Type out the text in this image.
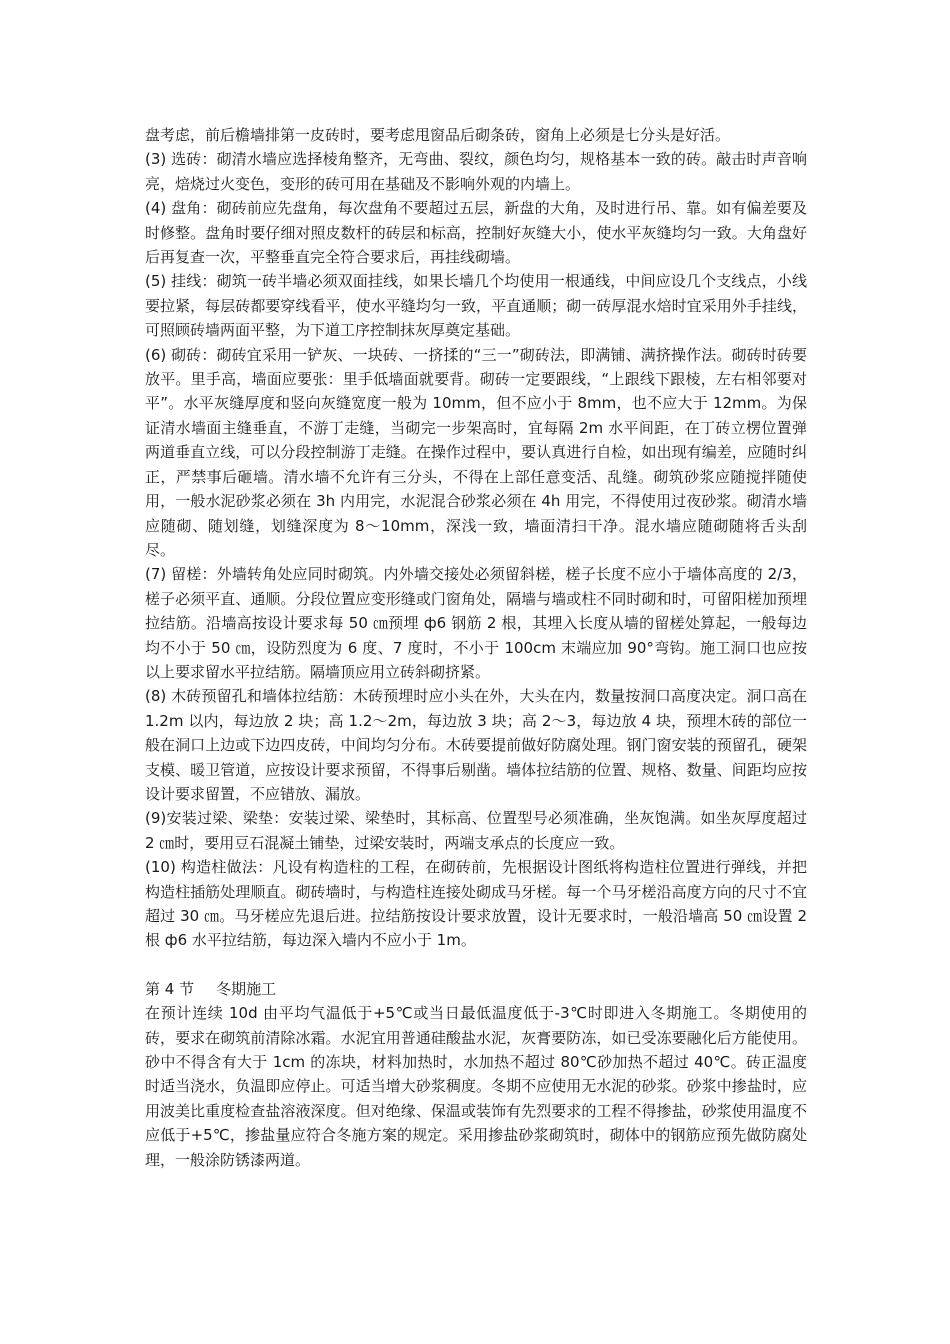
盘考虑，前后檐墙排第一皮砖时，要考虑甩窗品后砌条砖，窗角上必须是七分头是好活。

(3) 选砖：砌清水墙应选择棱角整齐，无弯曲、裂纹，颜色均匀，规格基本一致的砖。敲击时声音响亮，焙烧过火变色，变形的砖可用在基础及不影响外观的内墙上。

(4) 盘角：砌砖前应先盘角，每次盘角不要超过五层，新盘的大角，及时进行吊、靠。如有偏差要及时修整。盘角时要仔细对照皮数杆的砖层和标高，控制好灰缝大小，使水平灰缝均匀一致。大角盘好后再复查一次，平整垂直完全符合要求后，再挂线砌墙。

(5) 挂线：砌筑一砖半墙必须双面挂线，如果长墙几个均使用一根通线，中间应设几个支线点，小线要拉紧，每层砖都要穿线看平，使水平缝均匀一致，平直通顺；砌一砖厚混水焙时宜采用外手挂线，可照顾砖墙两面平整，为下道工序控制抹灰厚奠定基础。

(6) 砌砖：砌砖宜采用一铲灰、一块砖、一挤揉的“三一”砌砖法，即满铺、满挤操作法。砌砖时砖要放平。里手高，墙面应要张：里手低墙面就要背。砌砖一定要跟线，“上跟线下跟棱，左右相邻要对平”。水平灰缝厚度和竖向灰缝宽度一般为 10mm，但不应小于 8mm，也不应大于 12mm。为保证清水墙面主缝垂直，不游丁走缝，当砌完一步架高时，宜每隔 2m 水平间距，在丁砖立楞位置弹两道垂直立线，可以分段控制游丁走缝。在操作过程中，要认真进行自检，如出现有编差，应随时纠正，严禁事后砸墙。清水墙不允许有三分头，不得在上部任意变活、乱缝。砌筑砂浆应随搅拌随使用，一般水泥砂浆必须在 3h 内用完，水泥混合砂浆必须在 4h 用完，不得使用过夜砂浆。砌清水墙应随砌、随划缝，划缝深度为 8～10mm，深浅一致，墙面清扫干净。混水墙应随砌随将舌头刮尽。

(7) 留槎：外墙转角处应同时砌筑。内外墙交接处必须留斜槎，槎子长度不应小于墙体高度的 2/3，槎子必须平直、通顺。分段位置应变形缝或门窗角处，隔墙与墙或柱不同时砌和时，可留阳槎加预埋拉结筋。沿墙高按设计要求每 50 ㎝预埋 ф6 钢筋 2 根，其埋入长度从墙的留槎处算起，一般每边均不小于 50 ㎝，设防烈度为 6 度、7 度时，不小于 100cm 末端应加 90°弯钩。施工洞口也应按以上要求留水平拉结筋。隔墙顶应用立砖斜砌挤紧。

(8) 木砖预留孔和墙体拉结筋：木砖预埋时应小头在外，大头在内，数量按洞口高度决定。洞口高在 1.2m 以内，每边放 2 块；高 1.2～2m，每边放 3 块；高 2～3，每边放 4 块，预埋木砖的部位一般在洞口上边或下边四皮砖，中间均匀分布。木砖要提前做好防腐处理。钢门窗安装的预留孔，硬架支模、暖卫管道，应按设计要求预留，不得事后剔凿。墙体拉结筋的位置、规格、数量、间距均应按设计要求留置，不应错放、漏放。

(9)安装过梁、梁垫：安装过梁、梁垫时，其标高、位置型号必须准确，坐灰饱满。如坐灰厚度超过 2 ㎝时，要用豆石混凝土铺垫，过梁安装时，两端支承点的长度应一致。

(10) 构造柱做法：凡设有构造柱的工程，在砌砖前，先根据设计图纸将构造柱位置进行弹线，并把构造柱插筋处理顺直。砌砖墙时，与构造柱连接处砌成马牙槎。每一个马牙槎沿高度方向的尺寸不宜超过 30 ㎝。马牙槎应先退后进。拉结筋按设计要求放置，设计无要求时，一般沿墙高 50 ㎝设置 2 根 ф6 水平拉结筋，每边深入墙内不应小于 1m。

第 4 节 冬期施工

在预计连续 10d 由平均气温低于+5℃或当日最低温度低于-3℃时即进入冬期施工。冬期使用的砖，要求在砌筑前清除冰霜。水泥宜用普通硅酸盐水泥，灰膏要防冻，如已受冻要融化后方能使用。砂中不得含有大于 1cm 的冻块，材料加热时，水加热不超过 80℃砂加热不超过 40℃。砖正温度时适当浇水，负温即应停止。可适当增大砂浆稠度。冬期不应使用无水泥的砂浆。砂浆中掺盐时，应用波美比重度检查盐溶液深度。但对绝缘、保温或装饰有先烈要求的工程不得掺盐，砂浆使用温度不应低于+5℃，掺盐量应符合冬施方案的规定。采用掺盐砂浆砌筑时，砌体中的钢筋应预先做防腐处理，一般涂防锈漆两道。
